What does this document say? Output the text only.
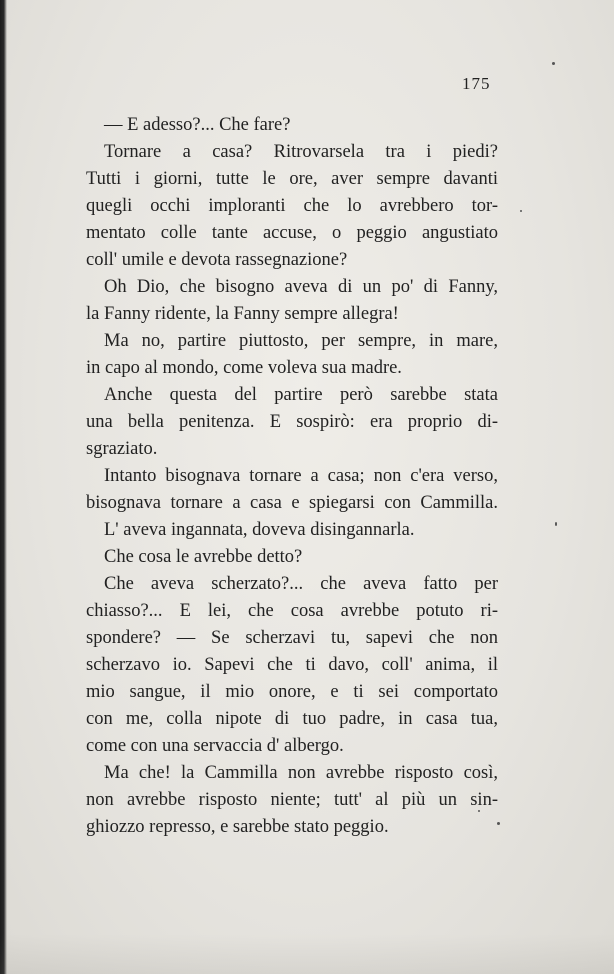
175
— E adesso?... Che fare?
Tornare a casa? Ritrovarsela tra i piedi?
Tutti i giorni, tutte le ore, aver sempre davanti
quegli occhi imploranti che lo avrebbero tor-
mentato colle tante accuse, o peggio angustiato
coll' umile e devota rassegnazione?
Oh Dio, che bisogno aveva di un po' di Fanny,
la Fanny ridente, la Fanny sempre allegra!
Ma no, partire piuttosto, per sempre, in mare,
in capo al mondo, come voleva sua madre.
Anche questa del partire però sarebbe stata
una bella penitenza. E sospirò: era proprio di-
sgraziato.
Intanto bisognava tornare a casa; non c'era verso,
bisognava tornare a casa e spiegarsi con Cammilla.
L' aveva ingannata, doveva disingannarla.
Che cosa le avrebbe detto?
Che aveva scherzato?... che aveva fatto per
chiasso?... E lei, che cosa avrebbe potuto ri-
spondere? — Se scherzavi tu, sapevi che non
scherzavo io. Sapevi che ti davo, coll' anima, il
mio sangue, il mio onore, e ti sei comportato
con me, colla nipote di tuo padre, in casa tua,
come con una servaccia d' albergo.
Ma che! la Cammilla non avrebbe risposto così,
non avrebbe risposto niente; tutt' al più un sin-
ghiozzo represso, e sarebbe stato peggio.
